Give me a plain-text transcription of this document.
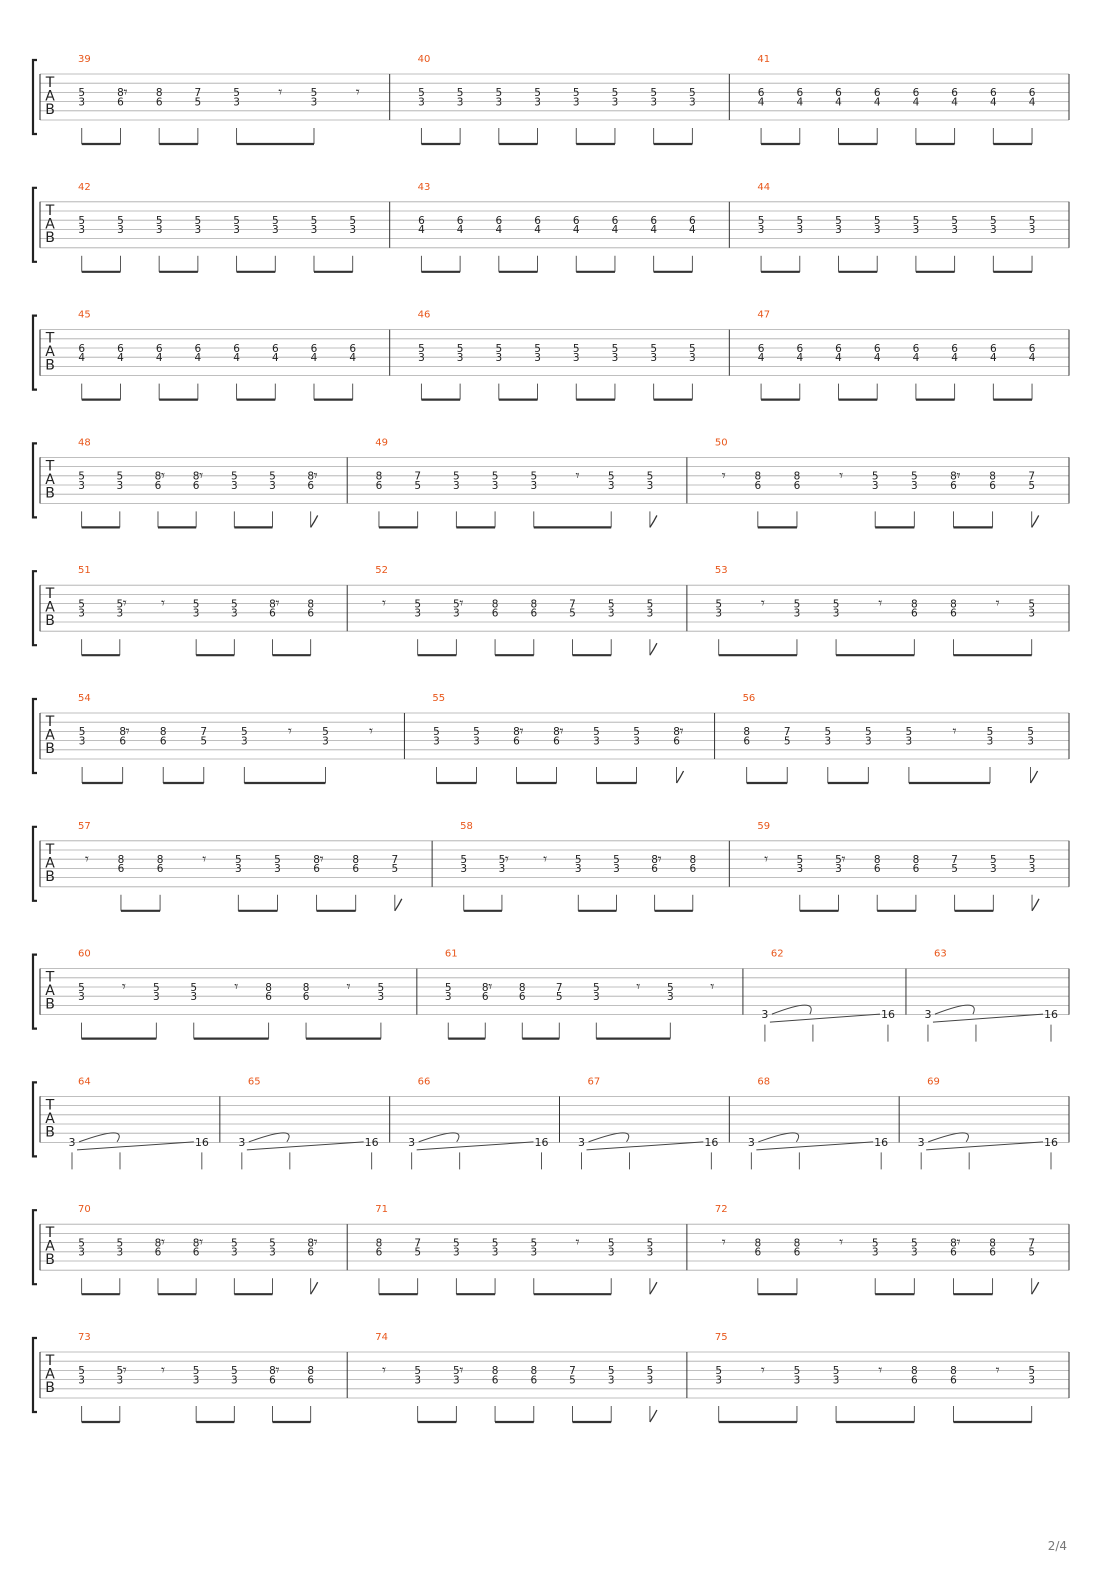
T
A
B
39
5
3
𝄾
8
6
8
6
7
5
5
3
𝄾	5
3
𝄾
40
5
3
5
3
5
3
5
3
5
3
5
3
5
3
5
3
41
6
4
6
4
6
4
6
4
6
4
6
4
6
4
6
4
T
A
B
42
5
3
5
3
5
3
5
3
5
3
5
3
5
3
5
3
43
6
4
6
4
6
4
6
4
6
4
6
4
6
4
6
4
44
5
3
5
3
5
3
5
3
5
3
5
3
5
3
5
3
T
A
B
45
6
4
6
4
6
4
6
4
6
4
6
4
6
4
6
4
46
5
3
5
3
5
3
5
3
5
3
5
3
5
3
5
3
47
6
4
6
4
6
4
6
4
6
4
6
4
6
4
6
4
T
A
B
48
5
3
5
3
𝄾
8
6
𝄾
8
6
5
3
5
3
𝄾
8
6
49
8
6
7
5
5
3
5
3
5
3
𝄾	5
3
5
3
50
𝄾	8
6
8
6
𝄾	5
3
5
3
𝄾
8
6
8
6
7
5
T
A
B
51
5
3
𝄾
5
3
𝄾	5
3
5
3
𝄾
8
6
8
6
52
𝄾	5
3
𝄾
5
3
8
6
8
6
7
5
5
3
5
3
53
5
3
𝄾	5
3
5
3
𝄾	8
6
8
6
𝄾	5
3
T
A
B
54
5
3
𝄾
8
6
8
6
7
5
5
3
𝄾	5
3
𝄾
55
5
3
5
3
𝄾
8
6
𝄾
8
6
5
3
5
3
𝄾
8
6
56
8
6
7
5
5
3
5
3
5
3
𝄾	5
3
5
3
T
A
B
57
𝄾	8
6
8
6
𝄾	5
3
5
3
𝄾
8
6
8
6
7
5
58
5
3
𝄾
5
3
𝄾	5
3
5
3
𝄾
8
6
8
6
59
𝄾	5
3
𝄾
5
3
8
6
8
6
7
5
5
3
5
3
T
A
B
60
5
3
𝄾	5
3
5
3
𝄾	8
6
8
6
𝄾	5
3
61
5
3
𝄾
8
6
8
6
7
5
5
3
𝄾	5
3
𝄾
62
3	16
63
3	16
T
A
B
64
3	16
65
3	16
66
3	16
67
3	16
68
3	16
69
3	16
T
A
B
70
5
3
5
3
𝄾
8
6
𝄾
8
6
5
3
5
3
𝄾
8
6
71
8
6
7
5
5
3
5
3
5
3
𝄾	5
3
5
3
72
𝄾	8
6
8
6
𝄾	5
3
5
3
𝄾
8
6
8
6
7
5
T
A
B
73
5
3
𝄾
5
3
𝄾	5
3
5
3
𝄾
8
6
8
6
74
𝄾	5
3
𝄾
5
3
8
6
8
6
7
5
5
3
5
3
75
5
3
𝄾	5
3
5
3
𝄾	8
6
8
6
𝄾	5
3
2/4
